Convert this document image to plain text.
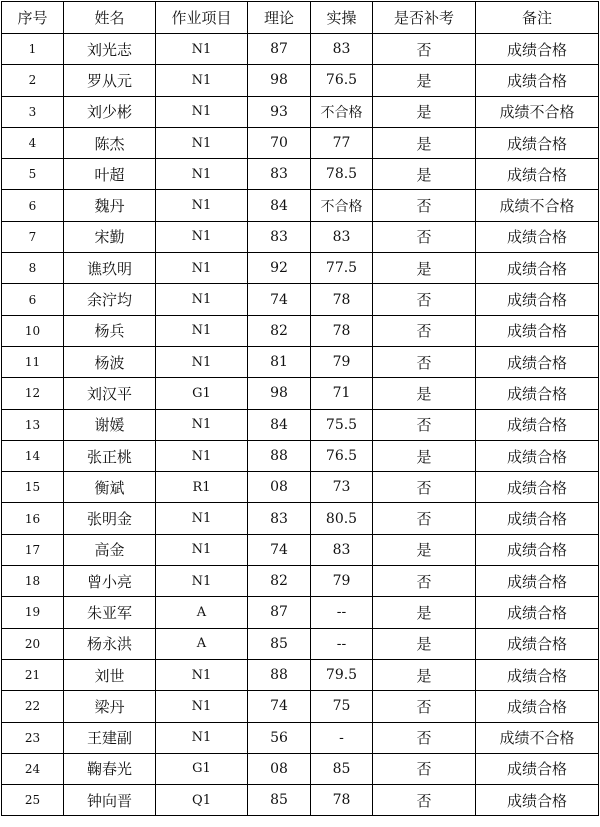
序号	姓名	作业项目	理论	实操	是否补考	备注
1	刘光志	N1	87	83	否	成绩合格
2	罗从元	N1	98	76.5	是	成绩合格
3	刘少彬	N1	93	不合格	是	成绩不合格
4	陈杰	N1	70	77	是	成绩合格
5	叶超	N1	83	78.5	是	成绩合格
6	魏丹	N1	84	不合格	否	成绩不合格
7	宋勤	N1	83	83	否	成绩合格
8	谯玖明	N1	92	77.5	是	成绩合格
6	余泞均	N1	74	78	否	成绩合格
10	杨兵	N1	82	78	否	成绩合格
11	杨波	N1	81	79	否	成绩合格
12	刘汉平	G1	98	71	是	成绩合格
13	谢媛	N1	84	75.5	否	成绩合格
14	张正桃	N1	88	76.5	是	成绩合格
15	衡斌	R1	08	73	否	成绩合格
16	张明金	N1	83	80.5	否	成绩合格
17	高金	N1	74	83	是	成绩合格
18	曾小亮	N1	82	79	否	成绩合格
19	朱亚军	A	87	--	是	成绩合格
20	杨永洪	A	85	--	是	成绩合格
21	刘世	N1	88	79.5	是	成绩合格
22	梁丹	N1	74	75	否	成绩合格
23	王建副	N1	56	-	否	成绩不合格
24	鞠春光	G1	08	85	否	成绩合格
25	钟向晋	Q1	85	78	否	成绩合格
